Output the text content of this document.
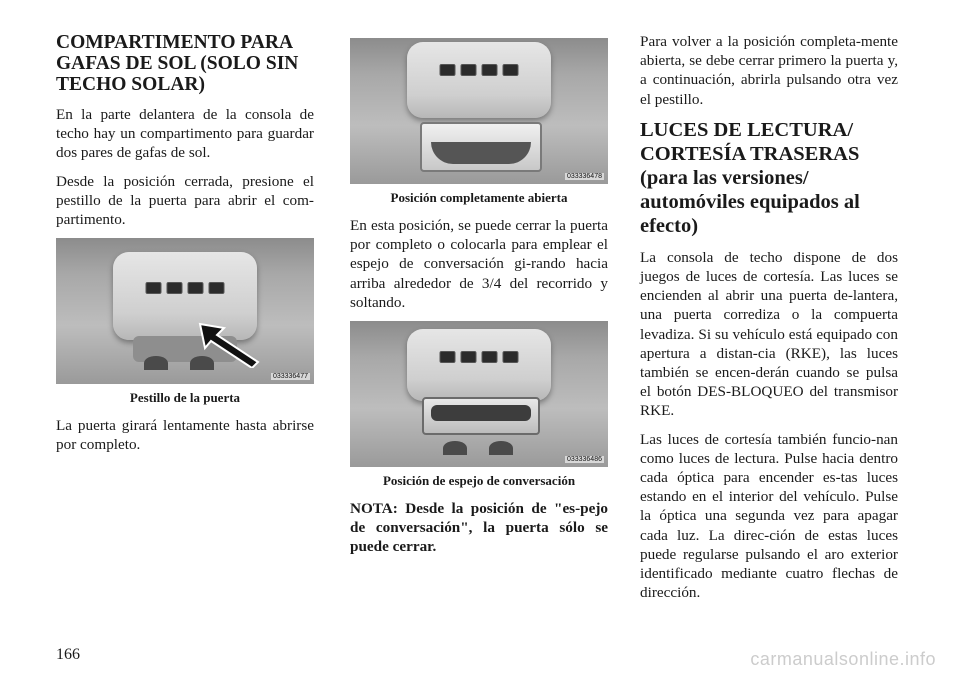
COMPARTIMENTO PARA GAFAS DE SOL (SOLO SIN TECHO SOLAR)

En la parte delantera de la consola de techo hay un compartimento para guardar dos pares de gafas de sol.

Desde la posición cerrada, presione el pestillo de la puerta para abrir el com-partimento.

033336477
Pestillo de la puerta

La puerta girará lentamente hasta abrirse por completo.

033336478
Posición completamente abierta

En esta posición, se puede cerrar la puerta por completo o colocarla para emplear el espejo de conversación gi-rando hacia arriba alrededor de 3/4 del recorrido y soltando.

033336486
Posición de espejo de conversación

NOTA: Desde la posición de "es-pejo de conversación", la puerta sólo se puede cerrar.

Para volver a la posición completa-mente abierta, se debe cerrar primero la puerta y, a continuación, abrirla pulsando otra vez el pestillo.

LUCES DE LECTURA/ CORTESÍA TRASERAS (para las versiones/ automóviles equipados al efecto)

La consola de techo dispone de dos juegos de luces de cortesía. Las luces se encienden al abrir una puerta de-lantera, una puerta corrediza o la compuerta levadiza. Si su vehículo está equipado con apertura a distan-cia (RKE), las luces también se encen-derán cuando se pulsa el botón DES-BLOQUEO del transmisor RKE.

Las luces de cortesía también funcio-nan como luces de lectura. Pulse hacia dentro cada óptica para encender es-tas luces estando en el interior del vehículo. Pulse la óptica una segunda vez para apagar cada luz. La direc-ción de estas luces puede regularse pulsando el aro exterior identificado mediante cuatro flechas de dirección.

166	carmanualsonline.info
